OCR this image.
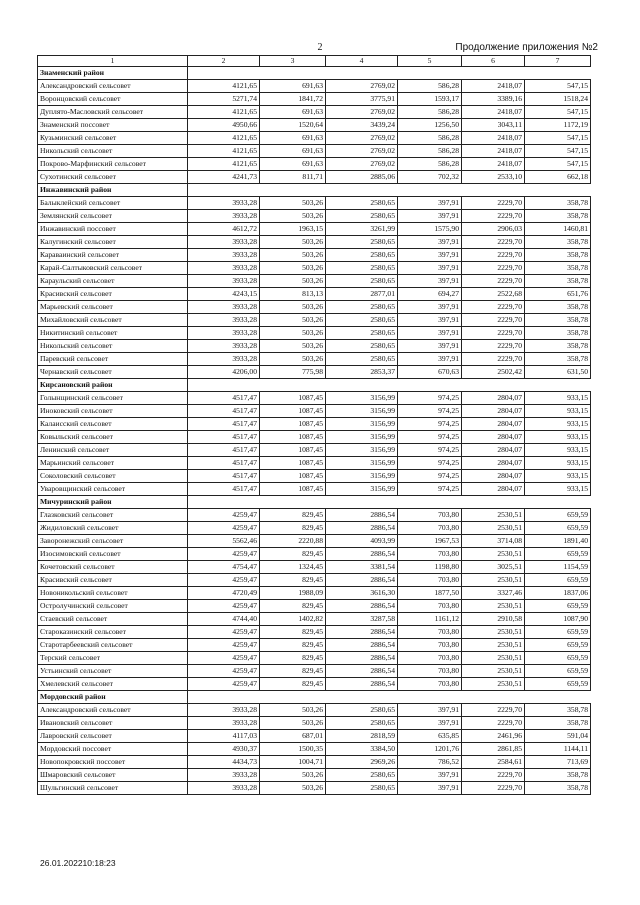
2	Продолжение приложения №2
1	2	3	4	5	6	7
Знаменский район						
Александровский сельсовет	4121,65	691,63	2769,02	586,28	2418,07	547,15
Воронцовский сельсовет	5271,74	1841,72	3775,91	1593,17	3389,16	1518,24
Дуплято-Масловский сельсовет	4121,65	691,63	2769,02	586,28	2418,07	547,15
Знаменский поссовет	4950,66	1520,64	3439,24	1256,50	3043,11	1172,19
Кузьминский сельсовет	4121,65	691,63	2769,02	586,28	2418,07	547,15
Никольский сельсовет	4121,65	691,63	2769,02	586,28	2418,07	547,15
Покрово-Марфинский сельсовет	4121,65	691,63	2769,02	586,28	2418,07	547,15
Сухотинский сельсовет	4241,73	811,71	2885,06	702,32	2533,10	662,18
Инжавинский район						
Балыклейский сельсовет	3933,28	503,26	2580,65	397,91	2229,70	358,78
Землянский сельсовет	3933,28	503,26	2580,65	397,91	2229,70	358,78
Инжавинский поссовет	4612,72	1963,15	3261,99	1575,90	2906,03	1460,81
Калугинский сельсовет	3933,28	503,26	2580,65	397,91	2229,70	358,78
Караваинский сельсовет	3933,28	503,26	2580,65	397,91	2229,70	358,78
Карай-Салтыковский сельсовет	3933,28	503,26	2580,65	397,91	2229,70	358,78
Караульский сельсовет	3933,28	503,26	2580,65	397,91	2229,70	358,78
Красивский сельсовет	4243,15	813,13	2877,01	694,27	2522,68	651,76
Марьевский сельсовет	3933,28	503,26	2580,65	397,91	2229,70	358,78
Михайловский сельсовет	3933,28	503,26	2580,65	397,91	2229,70	358,78
Никитинский сельсовет	3933,28	503,26	2580,65	397,91	2229,70	358,78
Никольский сельсовет	3933,28	503,26	2580,65	397,91	2229,70	358,78
Паревский сельсовет	3933,28	503,26	2580,65	397,91	2229,70	358,78
Чернавский сельсовет	4206,00	775,98	2853,37	670,63	2502,42	631,50
Кирсановский район						
Голынщинский сельсовет	4517,47	1087,45	3156,99	974,25	2804,07	933,15
Иноковский сельсовет	4517,47	1087,45	3156,99	974,25	2804,07	933,15
Калаисский сельсовет	4517,47	1087,45	3156,99	974,25	2804,07	933,15
Ковыльский сельсовет	4517,47	1087,45	3156,99	974,25	2804,07	933,15
Ленинский сельсовет	4517,47	1087,45	3156,99	974,25	2804,07	933,15
Марьинский сельсовет	4517,47	1087,45	3156,99	974,25	2804,07	933,15
Соколовский сельсовет	4517,47	1087,45	3156,99	974,25	2804,07	933,15
Уваровщинский сельсовет	4517,47	1087,45	3156,99	974,25	2804,07	933,15
Мичуринский район						
Глазковский сельсовет	4259,47	829,45	2886,54	703,80	2530,51	659,59
Жидиловский сельсовет	4259,47	829,45	2886,54	703,80	2530,51	659,59
Заворонежский сельсовет	5562,46	2220,88	4093,99	1967,53	3714,08	1891,40
Изосимовский сельсовет	4259,47	829,45	2886,54	703,80	2530,51	659,59
Кочетовский сельсовет	4754,47	1324,45	3381,54	1198,80	3025,51	1154,59
Красивский сельсовет	4259,47	829,45	2886,54	703,80	2530,51	659,59
Новоникольский сельсовет	4720,49	1988,09	3616,30	1877,50	3327,46	1837,06
Остролучинский сельсовет	4259,47	829,45	2886,54	703,80	2530,51	659,59
Стаевский сельсовет	4744,40	1402,82	3287,58	1161,12	2910,58	1087,90
Староказинский сельсовет	4259,47	829,45	2886,54	703,80	2530,51	659,59
Старотарбеевский сельсовет	4259,47	829,45	2886,54	703,80	2530,51	659,59
Терский сельсовет	4259,47	829,45	2886,54	703,80	2530,51	659,59
Устьинский сельсовет	4259,47	829,45	2886,54	703,80	2530,51	659,59
Хмелевский сельсовет	4259,47	829,45	2886,54	703,80	2530,51	659,59
Мордовский район						
Александровский сельсовет	3933,28	503,26	2580,65	397,91	2229,70	358,78
Ивановский сельсовет	3933,28	503,26	2580,65	397,91	2229,70	358,78
Лавровский сельсовет	4117,03	687,01	2818,59	635,85	2461,96	591,04
Мордовский поссовет	4930,37	1500,35	3384,50	1201,76	2861,85	1144,11
Новопокровский поссовет	4434,73	1004,71	2969,26	786,52	2584,61	713,69
Шмаровский сельсовет	3933,28	503,26	2580,65	397,91	2229,70	358,78
Шульгинский сельсовет	3933,28	503,26	2580,65	397,91	2229,70	358,78
26.01.202210:18:23
